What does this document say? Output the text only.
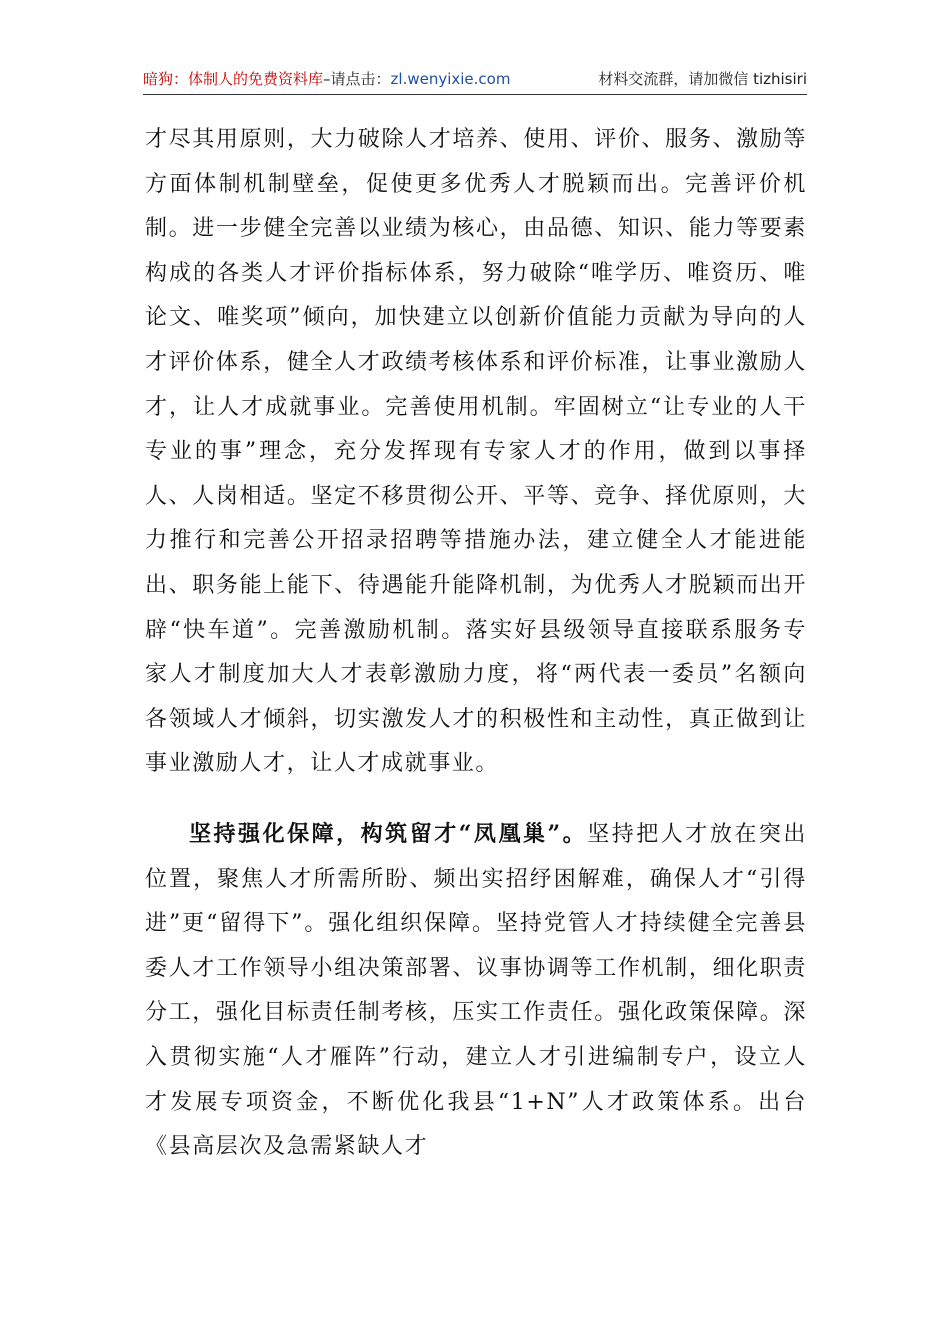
暗狗：体制人的免费资料库–请点击：zl.wenyixie.com	材料交流群，请加微信 tizhisiri

才尽其用原则，大力破除人才培养、使用、评价、服务、激励等方面体制机制壁垒，促使更多优秀人才脱颖而出。完善评价机制。进一步健全完善以业绩为核心，由品德、知识、能力等要素构成的各类人才评价指标体系，努力破除“唯学历、唯资历、唯论文、唯奖项”倾向，加快建立以创新价值能力贡献为导向的人才评价体系，健全人才政绩考核体系和评价标准，让事业激励人才，让人才成就事业。完善使用机制。牢固树立“让专业的人干专业的事”理念，充分发挥现有专家人才的作用，做到以事择人、人岗相适。坚定不移贯彻公开、平等、竞争、择优原则，大力推行和完善公开招录招聘等措施办法，建立健全人才能进能出、职务能上能下、待遇能升能降机制，为优秀人才脱颖而出开辟“快车道”。完善激励机制。落实好县级领导直接联系服务专家人才制度加大人才表彰激励力度，将“两代表一委员”名额向各领域人才倾斜，切实激发人才的积极性和主动性，真正做到让事业激励人才，让人才成就事业。

坚持强化保障，构筑留才“凤凰巢”。坚持把人才放在突出位置，聚焦人才所需所盼、频出实招纾困解难，确保人才“引得进”更“留得下”。强化组织保障。坚持党管人才持续健全完善县委人才工作领导小组决策部署、议事协调等工作机制，细化职责分工，强化目标责任制考核，压实工作责任。强化政策保障。深入贯彻实施“人才雁阵”行动，建立人才引进编制专户，设立人才发展专项资金，不断优化我县“1+N”人才政策体系。出台《县高层次及急需紧缺人才
